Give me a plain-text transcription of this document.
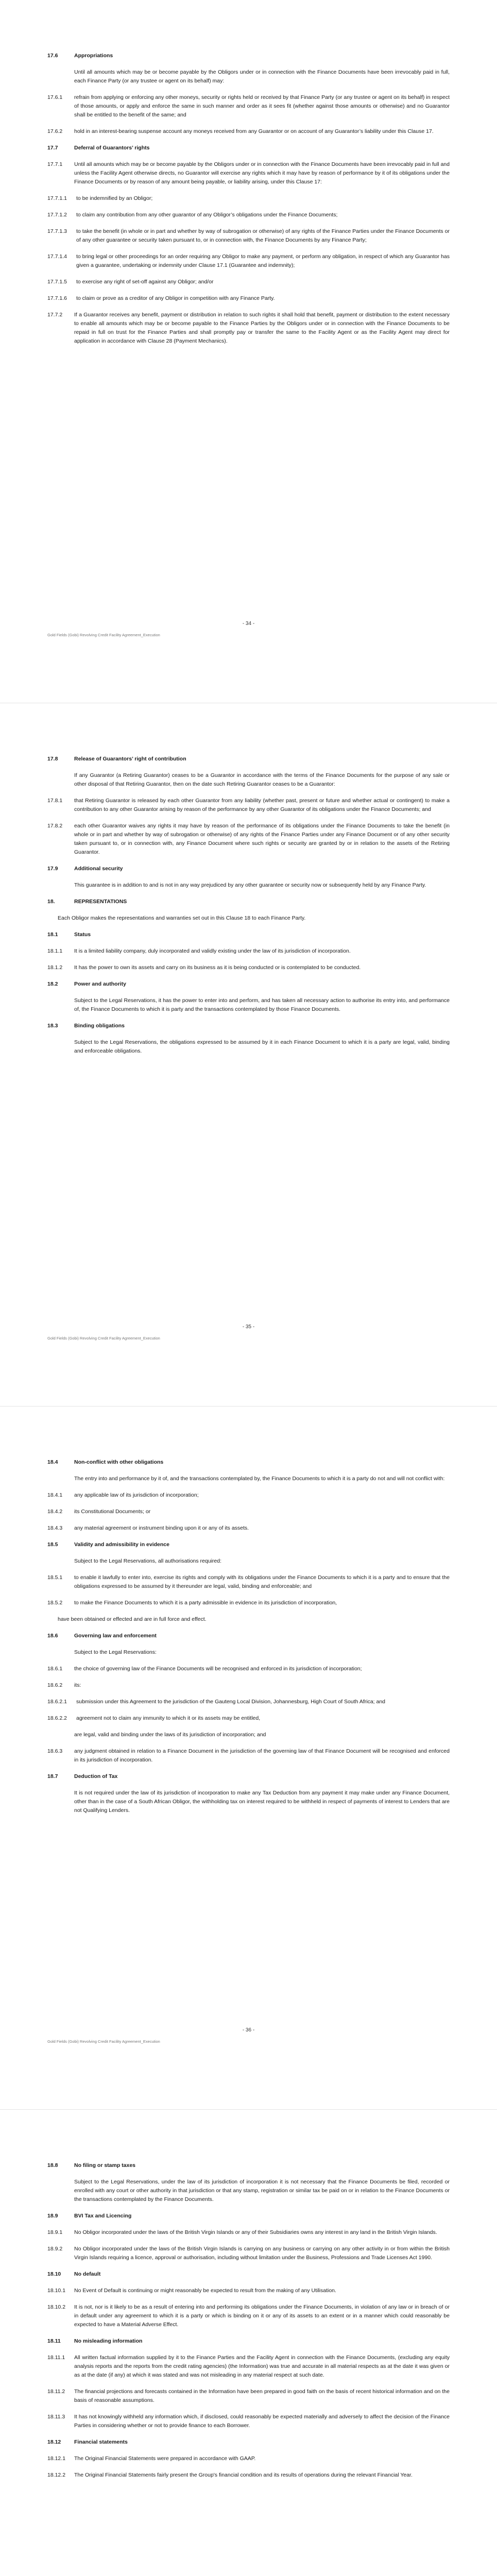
17.6	Appropriations
Until all amounts which may be or become payable by the Obligors under or in connection with the Finance Documents have been irrevocably paid in full, each Finance Party (or any trustee or agent on its behalf) may:
17.6.1	refrain from applying or enforcing any other moneys, security or rights held or received by that Finance Party (or any trustee or agent on its behalf) in respect of those amounts, or apply and enforce the same in such manner and order as it sees fit (whether against those amounts or otherwise) and no Guarantor shall be entitled to the benefit of the same; and
17.6.2	hold in an interest-bearing suspense account any moneys received from any Guarantor or on account of any Guarantor’s liability under this Clause 17.
17.7	Deferral of Guarantors’ rights
17.7.1	Until all amounts which may be or become payable by the Obligors under or in connection with the Finance Documents have been irrevocably paid in full and unless the Facility Agent otherwise directs, no Guarantor will exercise any rights which it may have by reason of performance by it of its obligations under the Finance Documents or by reason of any amount being payable, or liability arising, under this Clause 17:
17.7.1.1	to be indemnified by an Obligor;
17.7.1.2	to claim any contribution from any other guarantor of any Obligor’s obligations under the Finance Documents;
17.7.1.3	to take the benefit (in whole or in part and whether by way of subrogation or otherwise) of any rights of the Finance Parties under the Finance Documents or of any other guarantee or security taken pursuant to, or in connection with, the Finance Documents by any Finance Party;
17.7.1.4	to bring legal or other proceedings for an order requiring any Obligor to make any payment, or perform any obligation, in respect of which any Guarantor has given a guarantee, undertaking or indemnity under Clause 17.1 (Guarantee and indemnity);
17.7.1.5	to exercise any right of set-off against any Obligor; and/or
17.7.1.6	to claim or prove as a creditor of any Obligor in competition with any Finance Party.
17.7.2	If a Guarantor receives any benefit, payment or distribution in relation to such rights it shall hold that benefit, payment or distribution to the extent necessary to enable all amounts which may be or become payable to the Finance Parties by the Obligors under or in connection with the Finance Documents to be repaid in full on trust for the Finance Parties and shall promptly pay or transfer the same to the Facility Agent or as the Facility Agent may direct for application in accordance with Clause 28 (Payment Mechanics).
- 34 -
Gold Fields (Gobi) Revolving Credit Facility Agreement_Execution
17.8	Release of Guarantors’ right of contribution
If any Guarantor (a Retiring Guarantor) ceases to be a Guarantor in accordance with the terms of the Finance Documents for the purpose of any sale or other disposal of that Retiring Guarantor, then on the date such Retiring Guarantor ceases to be a Guarantor:
17.8.1	that Retiring Guarantor is released by each other Guarantor from any liability (whether past, present or future and whether actual or contingent) to make a contribution to any other Guarantor arising by reason of the performance by any other Guarantor of its obligations under the Finance Documents; and
17.8.2	each other Guarantor waives any rights it may have by reason of the performance of its obligations under the Finance Documents to take the benefit (in whole or in part and whether by way of subrogation or otherwise) of any rights of the Finance Parties under any Finance Document or of any other security taken pursuant to, or in connection with, any Finance Document where such rights or security are granted by or in relation to the assets of the Retiring Guarantor.
17.9	Additional security
This guarantee is in addition to and is not in any way prejudiced by any other guarantee or security now or subsequently held by any Finance Party.
18.	REPRESENTATIONS
Each Obligor makes the representations and warranties set out in this Clause 18 to each Finance Party.
18.1	Status
18.1.1	It is a limited liability company, duly incorporated and validly existing under the law of its jurisdiction of incorporation.
18.1.2	It has the power to own its assets and carry on its business as it is being conducted or is contemplated to be conducted.
18.2	Power and authority
Subject to the Legal Reservations, it has the power to enter into and perform, and has taken all necessary action to authorise its entry into, and performance of, the Finance Documents to which it is party and the transactions contemplated by those Finance Documents.
18.3	Binding obligations
Subject to the Legal Reservations, the obligations expressed to be assumed by it in each Finance Document to which it is a party are legal, valid, binding and enforceable obligations.
- 35 -
Gold Fields (Gobi) Revolving Credit Facility Agreement_Execution
18.4	Non-conflict with other obligations
The entry into and performance by it of, and the transactions contemplated by, the Finance Documents to which it is a party do not and will not conflict with:
18.4.1	any applicable law of its jurisdiction of incorporation;
18.4.2	its Constitutional Documents; or
18.4.3	any material agreement or instrument binding upon it or any of its assets.
18.5	Validity and admissibility in evidence
Subject to the Legal Reservations, all authorisations required:
18.5.1	to enable it lawfully to enter into, exercise its rights and comply with its obligations under the Finance Documents to which it is a party and to ensure that the obligations expressed to be assumed by it thereunder are legal, valid, binding and enforceable; and
18.5.2	to make the Finance Documents to which it is a party admissible in evidence in its jurisdiction of incorporation,
have been obtained or effected and are in full force and effect.
18.6	Governing law and enforcement
Subject to the Legal Reservations:
18.6.1	the choice of governing law of the Finance Documents will be recognised and enforced in its jurisdiction of incorporation;
18.6.2	its:
18.6.2.1	submission under this Agreement to the jurisdiction of the Gauteng Local Division, Johannesburg, High Court of South Africa; and
18.6.2.2	agreement not to claim any immunity to which it or its assets may be entitled,
are legal, valid and binding under the laws of its jurisdiction of incorporation; and
18.6.3	any judgment obtained in relation to a Finance Document in the jurisdiction of the governing law of that Finance Document will be recognised and enforced in its jurisdiction of incorporation.
18.7	Deduction of Tax
It is not required under the law of its jurisdiction of incorporation to make any Tax Deduction from any payment it may make under any Finance Document, other than in the case of a South African Obligor, the withholding tax on interest required to be withheld in respect of payments of interest to Lenders that are not Qualifying Lenders.
- 36 -
Gold Fields (Gobi) Revolving Credit Facility Agreement_Execution
18.8	No filing or stamp taxes
Subject to the Legal Reservations, under the law of its jurisdiction of incorporation it is not necessary that the Finance Documents be filed, recorded or enrolled with any court or other authority in that jurisdiction or that any stamp, registration or similar tax be paid on or in relation to the Finance Documents or the transactions contemplated by the Finance Documents.
18.9	BVI Tax and Licencing
18.9.1	No Obligor incorporated under the laws of the British Virgin Islands or any of their Subsidiaries owns any interest in any land in the British Virgin Islands.
18.9.2	No Obligor incorporated under the laws of the British Virgin Islands is carrying on any business or carrying on any other activity in or from within the British Virgin Islands requiring a licence, approval or authorisation, including without limitation under the Business, Professions and Trade Licenses Act 1990.
18.10	No default
18.10.1	No Event of Default is continuing or might reasonably be expected to result from the making of any Utilisation.
18.10.2	It is not, nor is it likely to be as a result of entering into and performing its obligations under the Finance Documents, in violation of any law or in breach of or in default under any agreement to which it is a party or which is binding on it or any of its assets to an extent or in a manner which could reasonably be expected to have a Material Adverse Effect.
18.11	No misleading information
18.11.1	All written factual information supplied by it to the Finance Parties and the Facility Agent in connection with the Finance Documents, (excluding any equity analysis reports and the reports from the credit rating agencies) (the Information) was true and accurate in all material respects as at the date it was given or as at the date (if any) at which it was stated and was not misleading in any material respect at such date.
18.11.2	The financial projections and forecasts contained in the Information have been prepared in good faith on the basis of recent historical information and on the basis of reasonable assumptions.
18.11.3	It has not knowingly withheld any information which, if disclosed, could reasonably be expected materially and adversely to affect the decision of the Finance Parties in considering whether or not to provide finance to each Borrower.
18.12	Financial statements
18.12.1	The Original Financial Statements were prepared in accordance with GAAP.
18.12.2	The Original Financial Statements fairly present the Group's financial condition and its results of operations during the relevant Financial Year.
